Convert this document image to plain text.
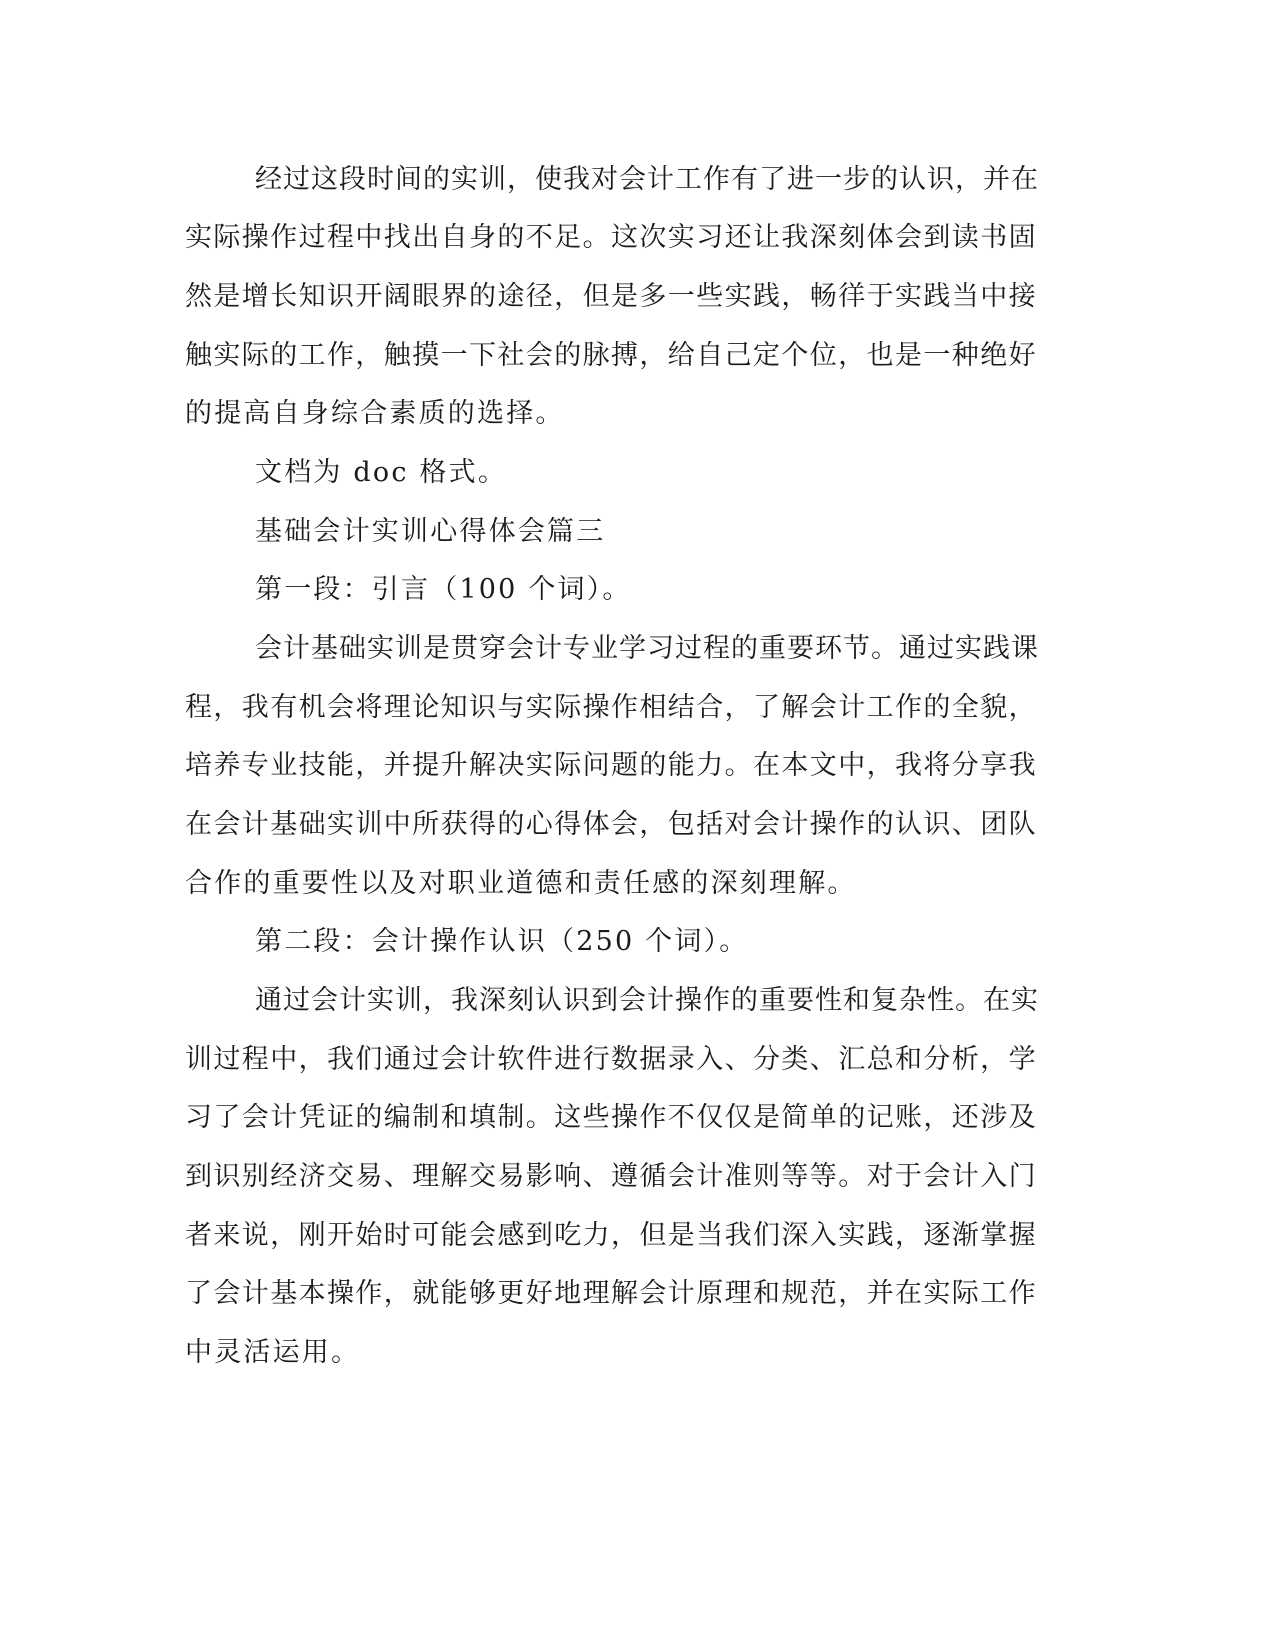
经过这段时间的实训，使我对会计工作有了进一步的认识，并在

实际操作过程中找出自身的不足。这次实习还让我深刻体会到读书固

然是增长知识开阔眼界的途径，但是多一些实践，畅徉于实践当中接

触实际的工作，触摸一下社会的脉搏，给自己定个位，也是一种绝好

的提高自身综合素质的选择。

文档为 doc 格式。

基础会计实训心得体会篇三

第一段：引言（100 个词）。

会计基础实训是贯穿会计专业学习过程的重要环节。通过实践课

程，我有机会将理论知识与实际操作相结合，了解会计工作的全貌，

培养专业技能，并提升解决实际问题的能力。在本文中，我将分享我

在会计基础实训中所获得的心得体会，包括对会计操作的认识、团队

合作的重要性以及对职业道德和责任感的深刻理解。

第二段：会计操作认识（250 个词）。

通过会计实训，我深刻认识到会计操作的重要性和复杂性。在实

训过程中，我们通过会计软件进行数据录入、分类、汇总和分析，学

习了会计凭证的编制和填制。这些操作不仅仅是简单的记账，还涉及

到识别经济交易、理解交易影响、遵循会计准则等等。对于会计入门

者来说，刚开始时可能会感到吃力，但是当我们深入实践，逐渐掌握

了会计基本操作，就能够更好地理解会计原理和规范，并在实际工作

中灵活运用。
